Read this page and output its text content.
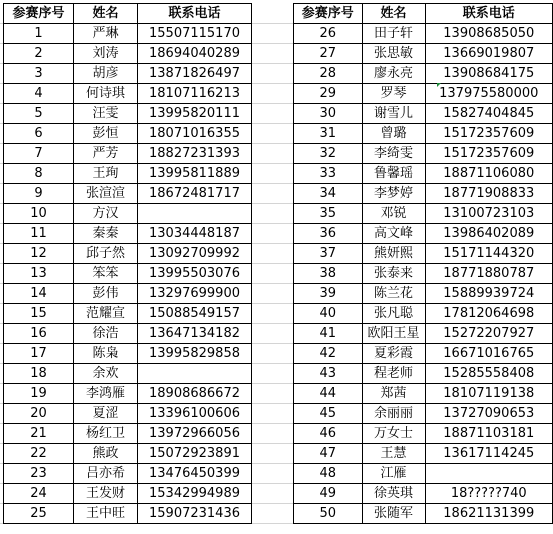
参赛序号	姓名	联系电话
1	严琳	15507115170
2	刘涛	18694040289
3	胡彦	13871826497
4	何诗琪	18107116213
5	汪雯	13995820111
6	彭恒	18071016355
7	严芳	18827231393
8	王珣	13995811889
9	张渲渲	18672481717
10	方汉	
11	秦秦	13034448187
12	邱子然	13092709992
13	笨笨	13995503076
14	彭伟	13297699900
15	范耀宣	15088549157
16	徐浩	13647134182
17	陈枭	13995829858
18	余欢	
19	李鸿雁	18908686672
20	夏涩	13396100606
21	杨红卫	13972966056
22	熊政	15072923891
23	吕亦希	13476450399
24	王发财	15342994989
25	王中旺	15907231436
参赛序号	姓名	联系电话
26	田子轩	13908685050
27	张思敏	13669019807
28	廖永亮	13908684175
29	罗琴	137975580000
30	谢雪儿	15827404845
31	曾璐	15172357609
32	李绮雯	15172357609
33	鲁馨瑶	18871106080
34	李梦婷	18771908833
35	邓锐	13100723103
36	高文峰	13986402089
37	熊妍熙	15171144320
38	张泰来	18771880787
39	陈兰花	15889939724
40	张凡聪	17812064698
41	欧阳王星	15272207927
42	夏彩霞	16671016765
43	程老师	15285558408
44	郑茜	18107119138
45	余丽丽	13727090653
46	万女士	18871103181
47	王慧	13617114245
48	江雁	
49	徐英琪	18?????740
50	张随军	18621131399
